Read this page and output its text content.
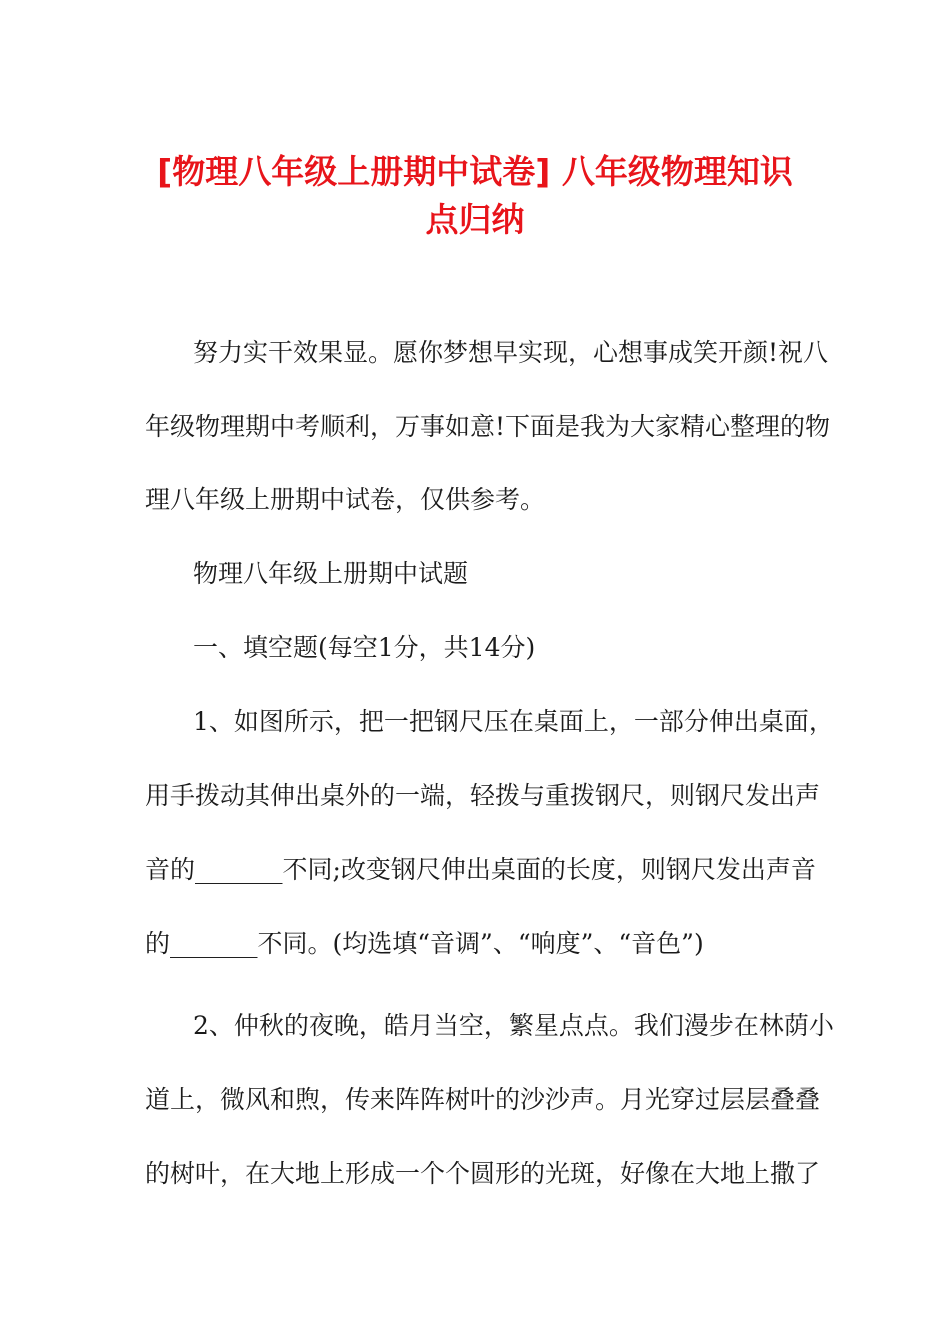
[物理八年级上册期中试卷] 八年级物理知识
点归纳
努力实干效果显。愿你梦想早实现，心想事成笑开颜!祝八
年级物理期中考顺利，万事如意!下面是我为大家精心整理的物
理八年级上册期中试卷，仅供参考。
物理八年级上册期中试题
一、填空题(每空1分，共14分)
1、如图所示，把一把钢尺压在桌面上，一部分伸出桌面，
用手拨动其伸出桌外的一端，轻拨与重拨钢尺，则钢尺发出声
音的_______不同;改变钢尺伸出桌面的长度，则钢尺发出声音
的_______不同。(均选填“音调”、“响度”、“音色”)
2、仲秋的夜晚，皓月当空，繁星点点。我们漫步在林荫小
道上，微风和煦，传来阵阵树叶的沙沙声。月光穿过层层叠叠
的树叶，在大地上形成一个个圆形的光斑，好像在大地上撒了
